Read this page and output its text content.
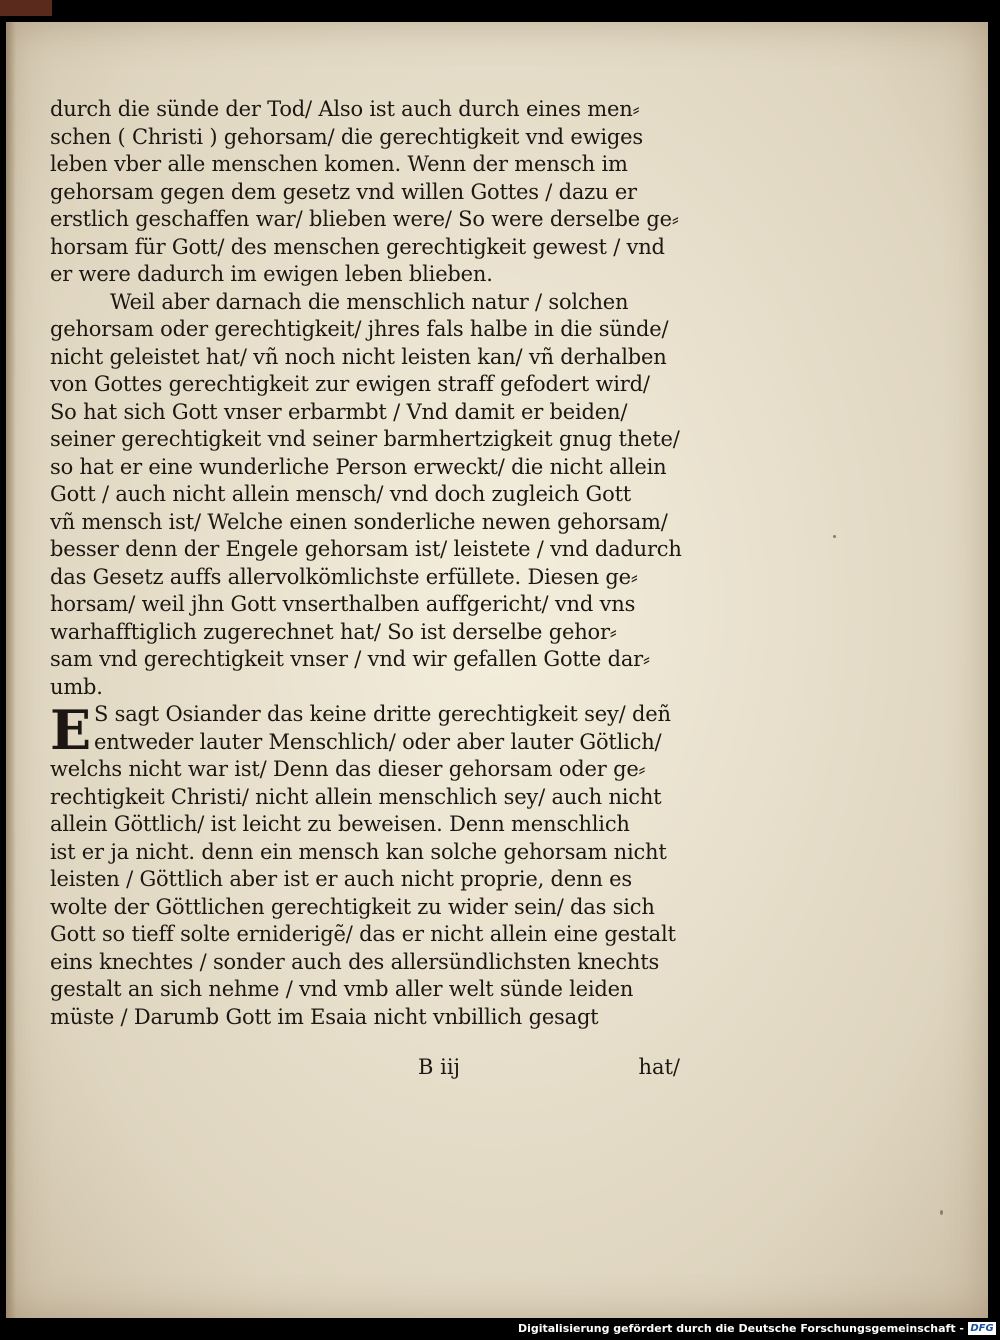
durch die sünde der Tod/ Also ist auch durch eines men⸗
schen ( Christi ) gehorsam/ die gerechtigkeit vnd ewiges
leben vber alle menschen komen. Wenn der mensch im
gehorsam gegen dem gesetz vnd willen Gottes / dazu er
erstlich geschaffen war/ blieben were/ So were derselbe ge⸗
horsam für Gott/ des menschen gerechtigkeit gewest / vnd
er were dadurch im ewigen leben blieben.
Weil aber darnach die menschlich natur / solchen
gehorsam oder gerechtigkeit/ jhres fals halbe in die sünde/
nicht geleistet hat/ vñ noch nicht leisten kan/ vñ derhalben
von Gottes gerechtigkeit zur ewigen straff gefodert wird/
So hat sich Gott vnser erbarmbt / Vnd damit er beiden/
seiner gerechtigkeit vnd seiner barmhertzigkeit gnug thete/
so hat er eine wunderliche Person erweckt/ die nicht allein
Gott / auch nicht allein mensch/ vnd doch zugleich Gott
vñ mensch ist/ Welche einen sonderliche newen gehorsam/
besser denn der Engele gehorsam ist/ leistete / vnd dadurch
das Gesetz auffs allervolkömlichste erfüllete. Diesen ge⸗
horsam/ weil jhn Gott vnserthalben auffgericht/ vnd vns
warhafftiglich zugerechnet hat/ So ist derselbe gehor⸗
sam vnd gerechtigkeit vnser / vnd wir gefallen Gotte dar⸗
umb.
E S sagt Osiander das keine dritte gerechtigkeit sey/ deñ
entweder lauter Menschlich/ oder aber lauter Götlich/
welchs nicht war ist/ Denn das dieser gehorsam oder ge⸗
rechtigkeit Christi/ nicht allein menschlich sey/ auch nicht
allein Göttlich/ ist leicht zu beweisen. Denn menschlich
ist er ja nicht. denn ein mensch kan solche gehorsam nicht
leisten / Göttlich aber ist er auch nicht proprie, denn es
wolte der Göttlichen gerechtigkeit zu wider sein/ das sich
Gott so tieff solte erniderigẽ/ das er nicht allein eine gestalt
eins knechtes / sonder auch des allersündlichsten knechts
gestalt an sich nehme / vnd vmb aller welt sünde leiden
müste / Darumb Gott im Esaia nicht vnbillich gesagt
B iij	hat/
Digitalisierung gefördert durch die Deutsche Forschungsgemeinschaft - DFG
